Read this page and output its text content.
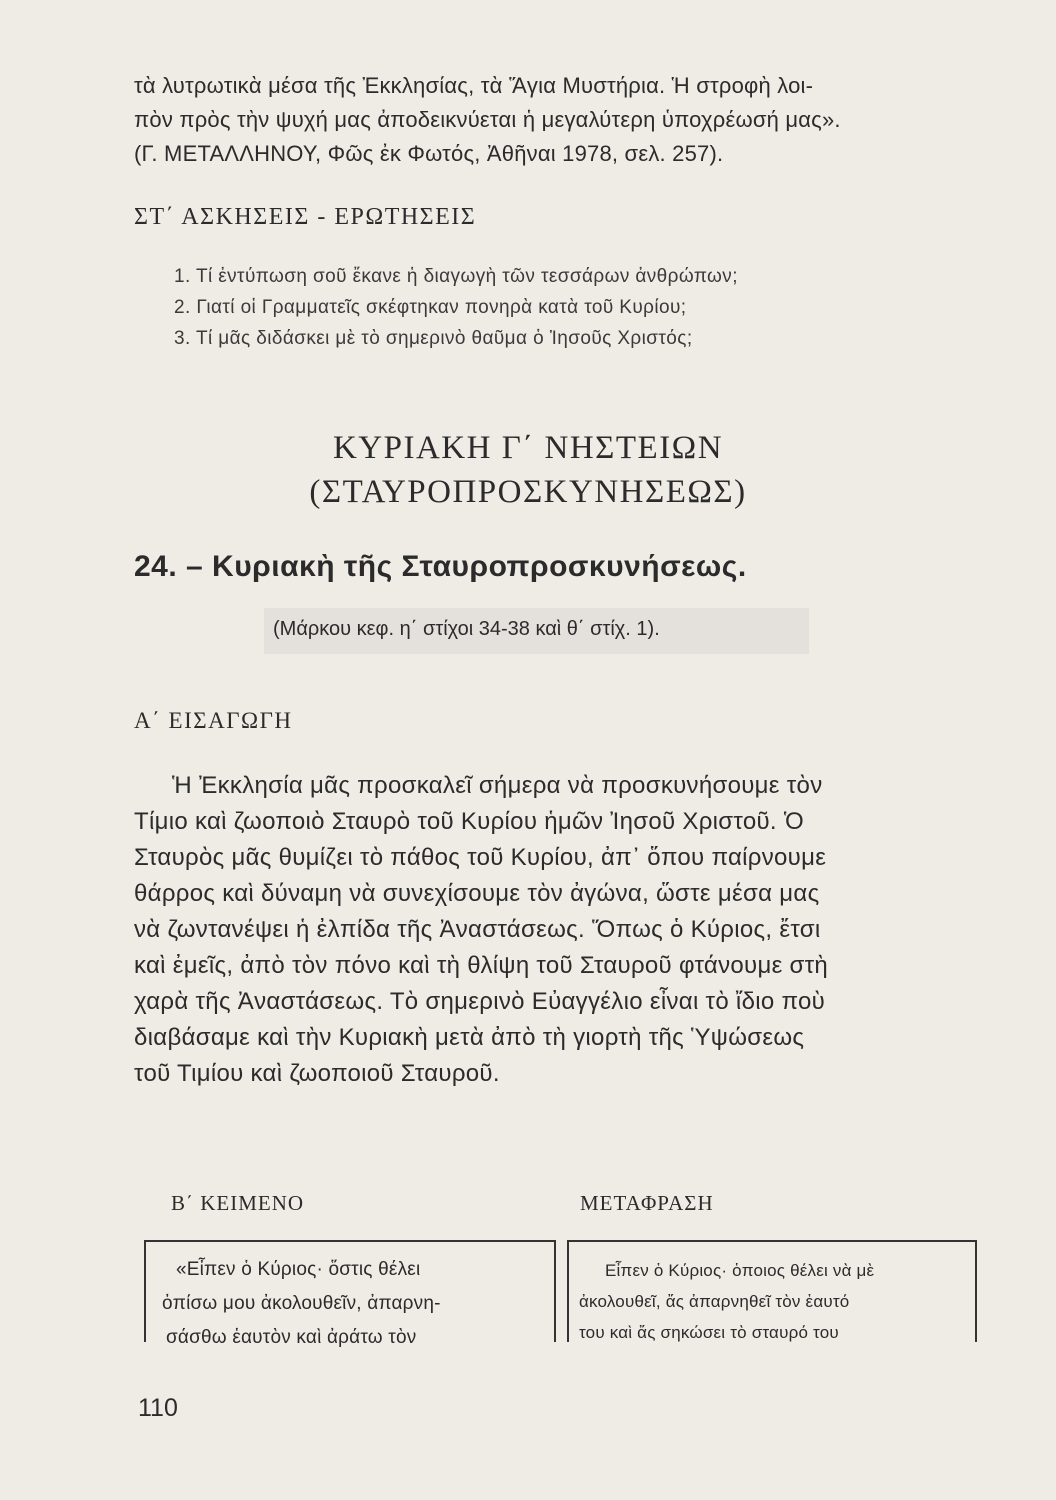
τὰ λυτρωτικὰ μέσα τῆς Ἐκκλησίας, τὰ Ἅγια Μυστήρια. Ἡ στροφὴ λοι-
πὸν πρὸς τὴν ψυχή μας ἀποδεικνύεται ἡ μεγαλύτερη ὑποχρέωσή μας».
(Γ. ΜΕΤΑΛΛΗΝΟΥ, Φῶς ἐκ Φωτός, Ἀθῆναι 1978, σελ. 257).
ΣΤ΄ ΑΣΚΗΣΕΙΣ - ΕΡΩΤΗΣΕΙΣ
1. Τί ἐντύπωση σοῦ ἔκανε ἡ διαγωγὴ τῶν τεσσάρων ἀνθρώπων;
2. Γιατί οἱ Γραμματεῖς σκέφτηκαν πονηρὰ κατὰ τοῦ Κυρίου;
3. Τί μᾶς διδάσκει μὲ τὸ σημερινὸ θαῦμα ὁ Ἰησοῦς Χριστός;
ΚΥΡΙΑΚΗ Γ΄ ΝΗΣΤΕΙΩΝ
(ΣΤΑΥΡΟΠΡΟΣΚΥΝΗΣΕΩΣ)
24. – Κυριακὴ τῆς Σταυροπροσκυνήσεως.
(Μάρκου κεφ. η΄ στίχοι 34-38 καὶ θ΄ στίχ. 1).
Α΄ ΕΙΣΑΓΩΓΗ
Ἡ Ἐκκλησία μᾶς προσκαλεῖ σήμερα νὰ προσκυνήσουμε τὸν
Τίμιο καὶ ζωοποιὸ Σταυρὸ τοῦ Κυρίου ἡμῶν Ἰησοῦ Χριστοῦ. Ὁ
Σταυρὸς μᾶς θυμίζει τὸ πάθος τοῦ Κυρίου, ἀπ᾿ ὅπου παίρνουμε
θάρρος καὶ δύναμη νὰ συνεχίσουμε τὸν ἀγώνα, ὥστε μέσα μας
νὰ ζωντανέψει ἡ ἐλπίδα τῆς Ἀναστάσεως. Ὅπως ὁ Κύριος, ἔτσι
καὶ ἐμεῖς, ἀπὸ τὸν πόνο καὶ τὴ θλίψη τοῦ Σταυροῦ φτάνουμε στὴ
χαρὰ τῆς Ἀναστάσεως. Τὸ σημερινὸ Εὐαγγέλιο εἶναι τὸ ἴδιο ποὺ
διαβάσαμε καὶ τὴν Κυριακὴ μετὰ ἀπὸ τὴ γιορτὴ τῆς Ὑψώσεως
τοῦ Τιμίου καὶ ζωοποιοῦ Σταυροῦ.
Β΄ ΚΕΙΜΕΝΟ	ΜΕΤΑΦΡΑΣΗ
«Εἶπεν ὁ Κύριος· ὅστις θέλει
ὀπίσω μου ἀκολουθεῖν, ἀπαρνη-
σάσθω ἑαυτὸν καὶ ἀράτω τὸν
Εἶπεν ὁ Κύριος· ὁποιος θέλει νὰ μὲ
ἀκολουθεῖ, ἄς ἀπαρνηθεῖ τὸν ἑαυτό
του καὶ ἄς σηκώσει τὸ σταυρό του
110
